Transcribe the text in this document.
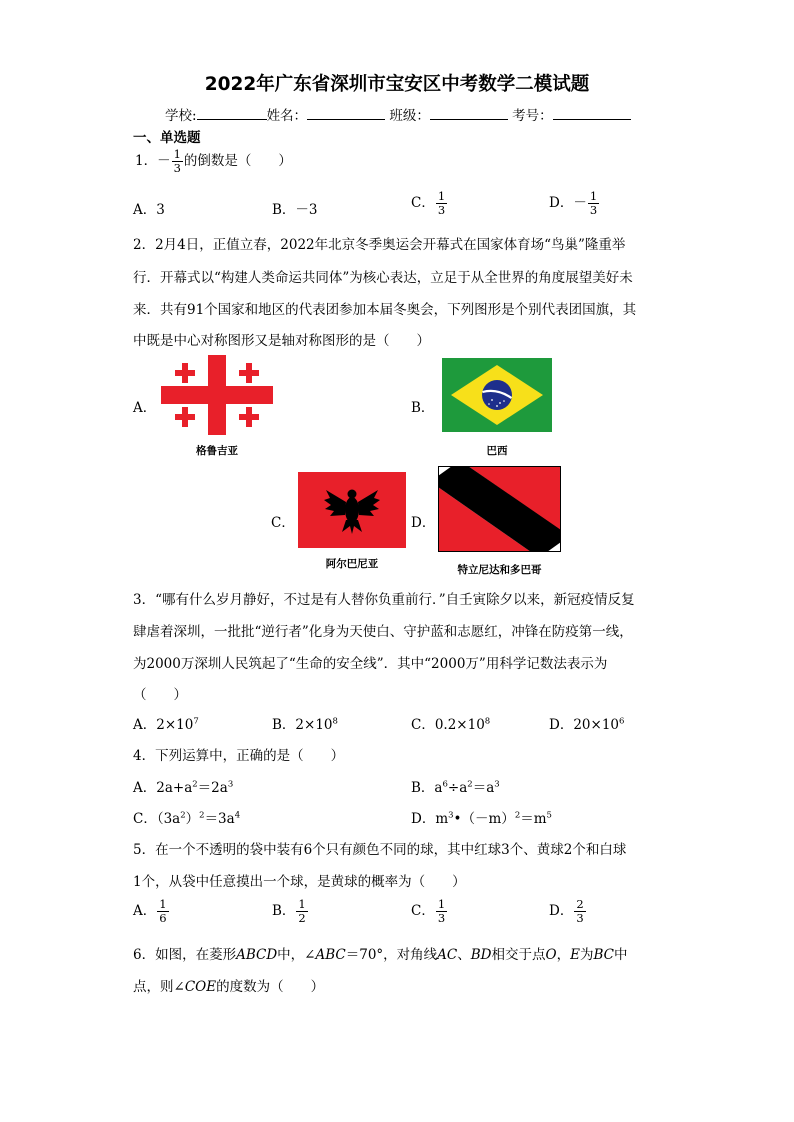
2022年广东省深圳市宝安区中考数学二模试题
学校:	姓名：	班级：	考号：
一、单选题
1．－ $\frac{1}{3}$ 的倒数是（　　）
A．3	B．－3	C． $\frac{1}{3}$	D．－ $\frac{1}{3}$
2．2月4日，正值立春，2022年北京冬季奥运会开幕式在国家体育场“鸟巢”隆重举
行．开幕式以“构建人类命运共同体”为核心表达，立足于从全世界的角度展望美好未
来．共有91个国家和地区的代表团参加本届冬奥会，下列图形是个别代表团国旗，其
中既是中心对称图形又是轴对称图形的是（　　）
A．
格鲁吉亚
B．
巴西
C．
阿尔巴尼亚
D．
特立尼达和多巴哥
3．“哪有什么岁月静好，不过是有人替你负重前行．”自壬寅除夕以来，新冠疫情反复
肆虐着深圳，一批批“逆行者”化身为天使白、守护蓝和志愿红，冲锋在防疫第一线，
为2000万深圳人民筑起了“生命的安全线”．其中“2000万”用科学记数法表示为
（　　）
A．$2\times 10^7$	B．$2\times 10^8$	C．$0.2\times 10^8$	D．$20\times 10^6$
4．下列运算中，正确的是（　　）
A．$2a+a^2=2a^3$	B．$a^6\div a^2=a^3$
C．$(3a^2)^2=3a^4$	D．$m^3•(-m)^2=m^5$
5．在一个不透明的袋中装有6个只有颜色不同的球，其中红球3个、黄球2个和白球
1个，从袋中任意摸出一个球，是黄球的概率为（　　）
A． $\frac{1}{6}$	B． $\frac{1}{2}$	C． $\frac{1}{3}$	D． $\frac{2}{3}$
6．如图，在菱形ABCD中，∠ABC＝70°，对角线AC、BD相交于点O，E为BC中
点，则∠COE的度数为（　　）
